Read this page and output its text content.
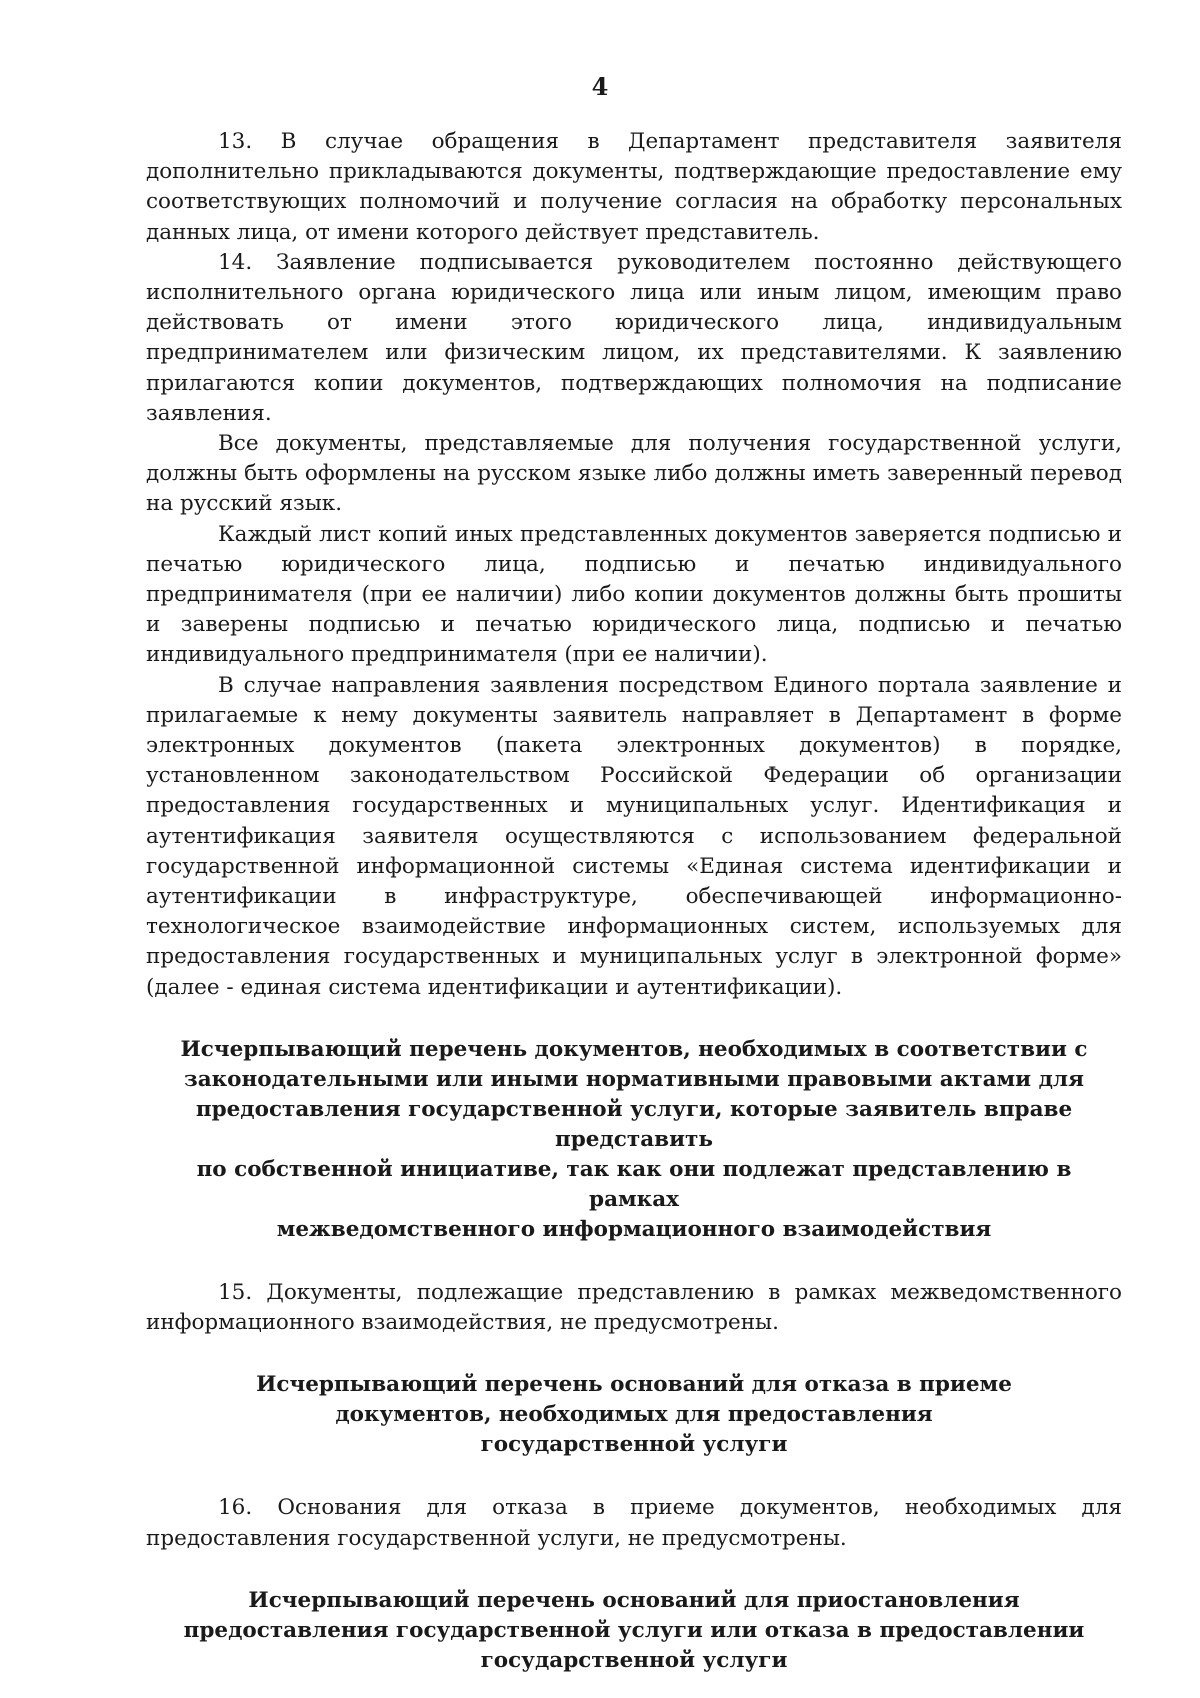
4

13. В случае обращения в Департамент представителя заявителя дополнительно прикладываются документы, подтверждающие предоставление ему соответствующих полномочий и получение согласия на обработку персональных данных лица, от имени которого действует представитель.

14. Заявление подписывается руководителем постоянно действующего исполнительного органа юридического лица или иным лицом, имеющим право действовать от имени этого юридического лица, индивидуальным предпринимателем или физическим лицом, их представителями. К заявлению прилагаются копии документов, подтверждающих полномочия на подписание заявления.

Все документы, представляемые для получения государственной услуги, должны быть оформлены на русском языке либо должны иметь заверенный перевод на русский язык.

Каждый лист копий иных представленных документов заверяется подписью и печатью юридического лица, подписью и печатью индивидуального предпринимателя (при ее наличии) либо копии документов должны быть прошиты и заверены подписью и печатью юридического лица, подписью и печатью индивидуального предпринимателя (при ее наличии).

В случае направления заявления посредством Единого портала заявление и прилагаемые к нему документы заявитель направляет в Департамент в форме электронных документов (пакета электронных документов) в порядке, установленном законодательством Российской Федерации об организации предоставления государственных и муниципальных услуг. Идентификация и аутентификация заявителя осуществляются с использованием федеральной государственной информационной системы «Единая система идентификации и аутентификации в инфраструктуре, обеспечивающей информационно-технологическое взаимодействие информационных систем, используемых для предоставления государственных и муниципальных услуг в электронной форме» (далее - единая система идентификации и аутентификации).

Исчерпывающий перечень документов, необходимых в соответствии с
законодательными или иными нормативными правовыми актами для
предоставления государственной услуги, которые заявитель вправе представить
по собственной инициативе, так как они подлежат представлению в рамках
межведомственного информационного взаимодействия

15. Документы, подлежащие представлению в рамках межведомственного информационного взаимодействия, не предусмотрены.

Исчерпывающий перечень оснований для отказа в приеме
документов, необходимых для предоставления
государственной услуги

16. Основания для отказа в приеме документов, необходимых для предоставления государственной услуги, не предусмотрены.

Исчерпывающий перечень оснований для приостановления
предоставления государственной услуги или отказа в предоставлении
государственной услуги
